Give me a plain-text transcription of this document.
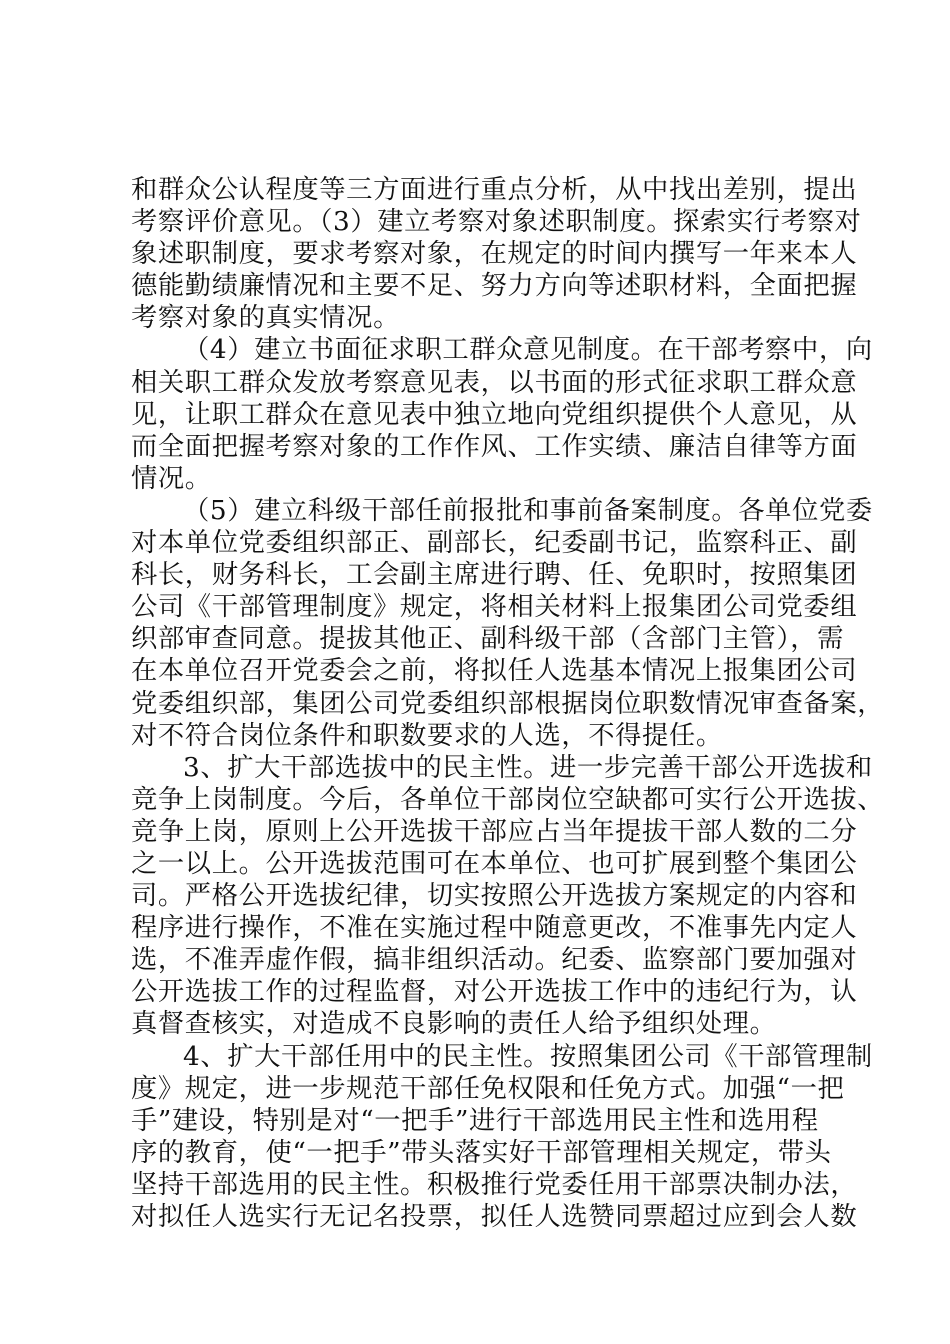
和群众公认程度等三方面进行重点分析，从中找出差别，提出
考察评价意见。（3）建立考察对象述职制度。探索实行考察对
象述职制度，要求考察对象，在规定的时间内撰写一年来本人
德能勤绩廉情况和主要不足、努力方向等述职材料，全面把握
考察对象的真实情况。
（4）建立书面征求职工群众意见制度。在干部考察中，向
相关职工群众发放考察意见表，以书面的形式征求职工群众意
见，让职工群众在意见表中独立地向党组织提供个人意见，从
而全面把握考察对象的工作作风、工作实绩、廉洁自律等方面
情况。
（5）建立科级干部任前报批和事前备案制度。各单位党委
对本单位党委组织部正、副部长，纪委副书记，监察科正、副
科长，财务科长，工会副主席进行聘、任、免职时，按照集团
公司《干部管理制度》规定，将相关材料上报集团公司党委组
织部审查同意。提拔其他正、副科级干部（含部门主管），需
在本单位召开党委会之前，将拟任人选基本情况上报集团公司
党委组织部，集团公司党委组织部根据岗位职数情况审查备案，
对不符合岗位条件和职数要求的人选，不得提任。
3、扩大干部选拔中的民主性。进一步完善干部公开选拔和
竞争上岗制度。今后，各单位干部岗位空缺都可实行公开选拔、
竞争上岗，原则上公开选拔干部应占当年提拔干部人数的二分
之一以上。公开选拔范围可在本单位、也可扩展到整个集团公
司。严格公开选拔纪律，切实按照公开选拔方案规定的内容和
程序进行操作，不准在实施过程中随意更改，不准事先内定人
选，不准弄虚作假，搞非组织活动。纪委、监察部门要加强对
公开选拔工作的过程监督，对公开选拔工作中的违纪行为，认
真督查核实，对造成不良影响的责任人给予组织处理。
4、扩大干部任用中的民主性。按照集团公司《干部管理制
度》规定，进一步规范干部任免权限和任免方式。加强“一把
手”建设，特别是对“一把手”进行干部选用民主性和选用程
序的教育，使“一把手”带头落实好干部管理相关规定，带头
坚持干部选用的民主性。积极推行党委任用干部票决制办法，
对拟任人选实行无记名投票，拟任人选赞同票超过应到会人数
